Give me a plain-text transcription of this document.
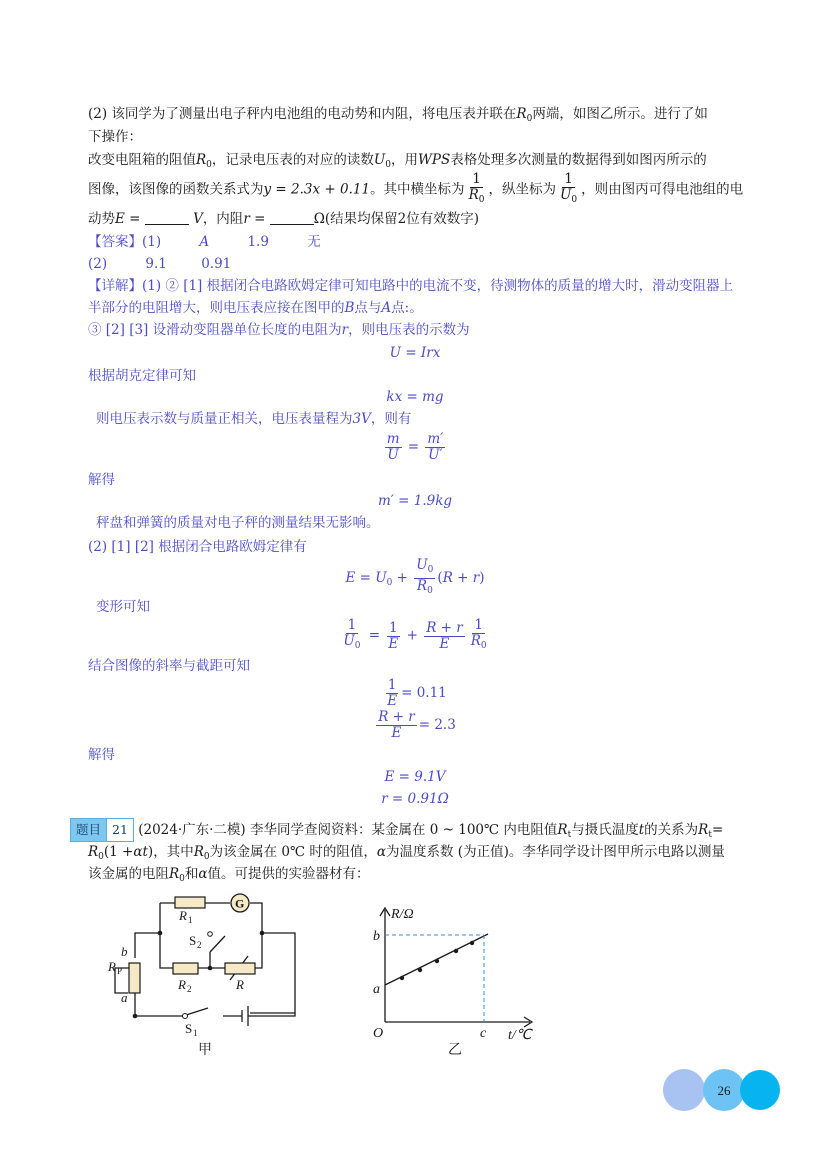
(2) 该同学为了测量出电子秤内电池组的电动势和内阻，将电压表并联在$R_0$两端，如图乙所示。进行了如
下操作：
改变电阻箱的阻值$R_0$，记录电压表的对应的读数$U_0$，用WPS表格处理多次测量的数据得到如图丙所示的
图像，该图像的函数关系式为y = 2.3x + 0.11。其中横坐标为 $\frac{1}{R_0}$ ，纵坐标为 $\frac{1}{U_0}$ ，则由图丙可得电池组的电
动势E =	V，内阻r =	Ω(结果均保留2位有效数字)
【答案】(1)	A	1.9	无
(2)	9.1	0.91
【详解】(1) ② [1] 根据闭合电路欧姆定律可知电路中的电流不变，待测物体的质量的增大时，滑动变阻器上
半部分的电阻增大，则电压表应接在图甲的B点与A点:。
③ [2] [3] 设滑动变阻器单位长度的电阻为r，则电压表的示数为
U = Irx
根据胡克定律可知
kx = mg
则电压表示数与质量正相关，电压表量程为3V，则有
$\frac{m}{U} = \frac{m'}{U'}$
解得
m′ = 1.9kg
秤盘和弹簧的质量对电子秤的测量结果无影响。
(2) [1] [2] 根据闭合电路欧姆定律有
$E = U_0 + \frac{U_0}{R_0} (R + r)$
变形可知
$\frac{1}{U_0} = \frac{1}{E} + \frac{R + r}{E} \frac{1}{R_0}$
结合图像的斜率与截距可知
$\frac{1}{E} = 0.11$
$\frac{R + r}{E} = 2.3$
解得
E = 9.1V
r = 0.91Ω
题目 21 (2024·广东·二模) 李华同学查阅资料：某金属在 0 ~ 100℃ 内电阻值$R_t$与摄氏温度t的关系为$R_t=$
$R_0(1 +\alpha t)$，其中$R_0$为该金属在 0℃ 时的阻值，α为温度系数 (为正值)。李华同学设计图甲所示电路以测量
该金属的电阻$R_0$和α值。可提供的实验器材有：
G
R 1
S 2
R 2	R
R P
b
a
S 1
甲
R/Ω
b
a
O	c t/℃
乙
26
